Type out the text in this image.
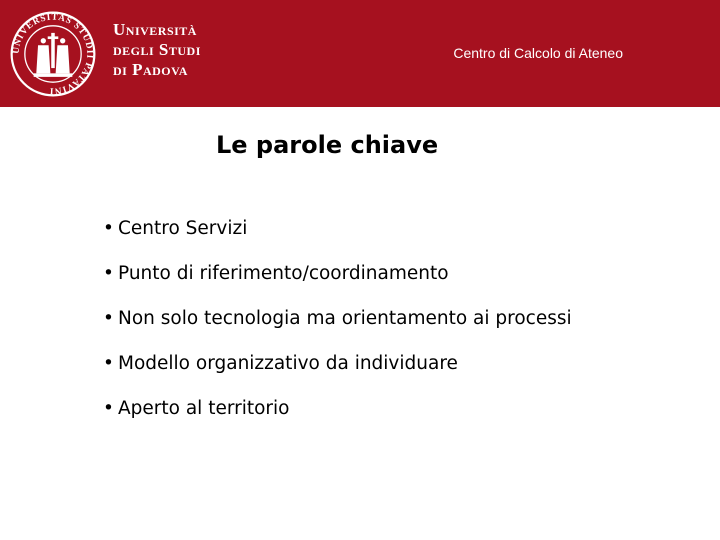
UNIVERSITAS STUDII PATAVINI
Università
degli Studi
di Padova
Centro di Calcolo di Ateneo
Le parole chiave
• Centro Servizi
• Punto di riferimento/coordinamento
• Non solo tecnologia ma orientamento ai processi
• Modello organizzativo da individuare
• Aperto al territorio
